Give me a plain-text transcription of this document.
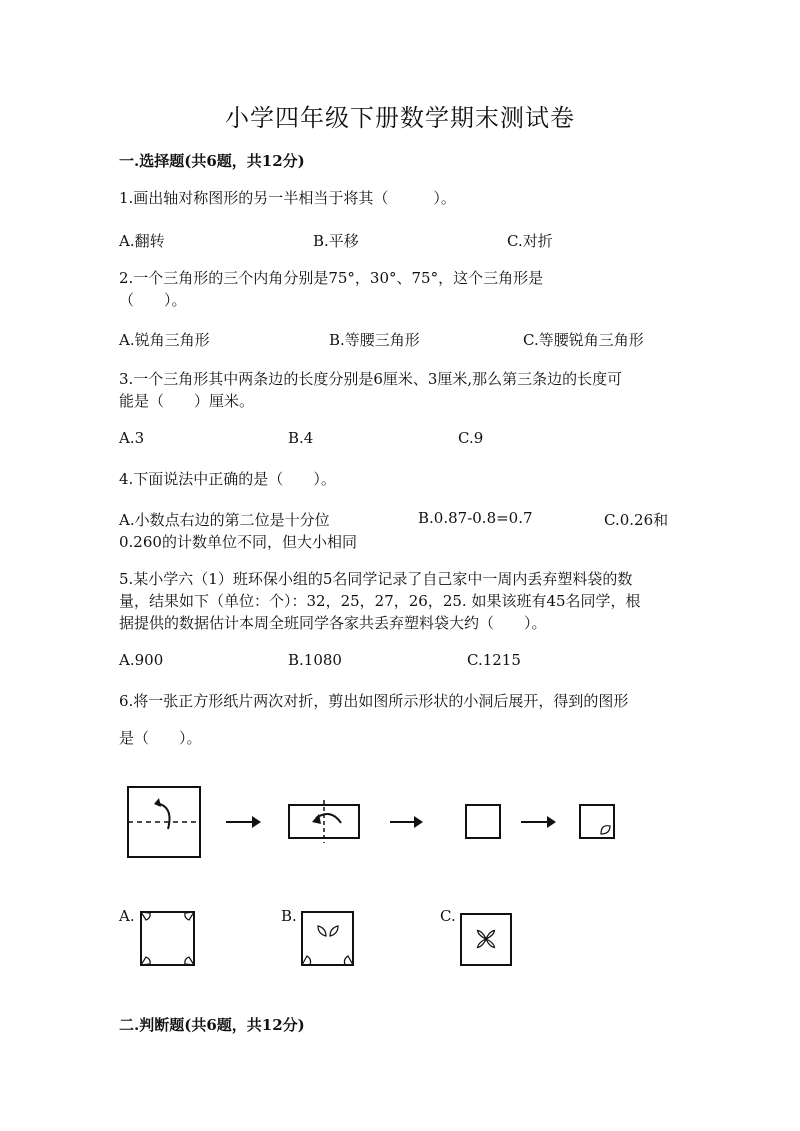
小学四年级下册数学期末测试卷
一.选择题(共6题，共12分)
1.画出轴对称图形的另一半相当于将其（　　　）。
A.翻转	B.平移	C.对折
2.一个三角形的三个内角分别是75°，30°、75°，这个三角形是
（　　）。
A.锐角三角形	B.等腰三角形	C.等腰锐角三角形
3.一个三角形其中两条边的长度分别是6厘米、3厘米,那么第三条边的长度可
能是（　　）厘米。
A.3	B.4	C.9
4.下面说法中正确的是（　　）。
A.小数点右边的第二位是十分位	B.0.87-0.8=0.7	C.0.26和
0.260的计数单位不同，但大小相同
5.某小学六（1）班环保小组的5名同学记录了自己家中一周内丢弃塑料袋的数
量，结果如下（单位：个）：32，25，27，26，25. 如果该班有45名同学，根
据提供的数据估计本周全班同学各家共丢弃塑料袋大约（　　）。
A.900	B.1080	C.1215
6.将一张正方形纸片两次对折，剪出如图所示形状的小洞后展开，得到的图形
是（　　）。
A.	B.	C.
二.判断题(共6题，共12分)
